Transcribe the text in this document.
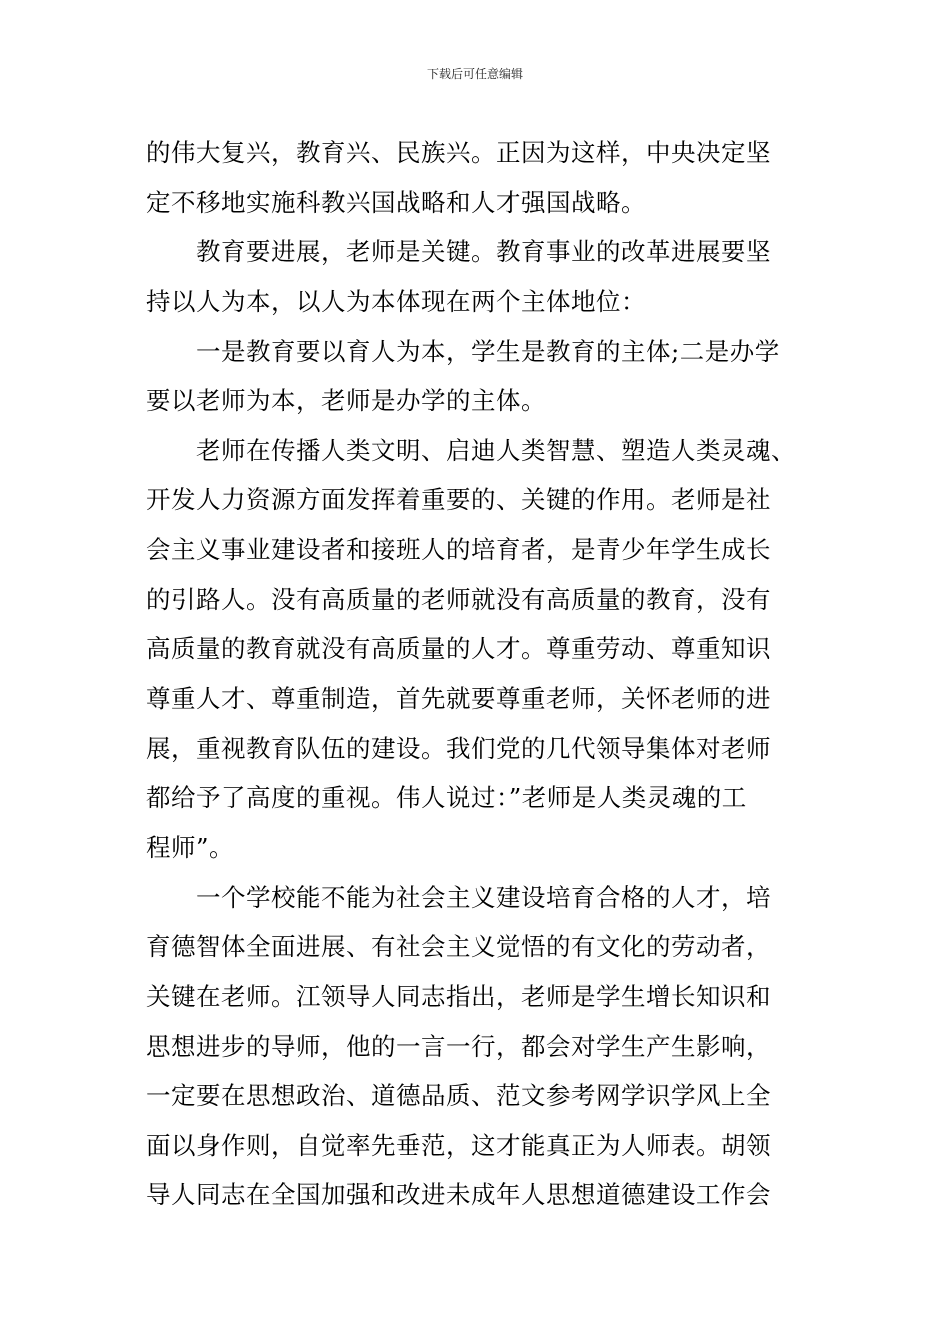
下载后可任意编辑
的伟大复兴，教育兴、民族兴。正因为这样，中央决定坚
定不移地实施科教兴国战略和人才强国战略。
教育要进展，老师是关键。教育事业的改革进展要坚
持以人为本，以人为本体现在两个主体地位：
一是教育要以育人为本，学生是教育的主体;二是办学
要以老师为本，老师是办学的主体。
老师在传播人类文明、启迪人类智慧、塑造人类灵魂、
开发人力资源方面发挥着重要的、关键的作用。老师是社
会主义事业建设者和接班人的培育者，是青少年学生成长
的引路人。没有高质量的老师就没有高质量的教育，没有
高质量的教育就没有高质量的人才。尊重劳动、尊重知识
尊重人才、尊重制造，首先就要尊重老师，关怀老师的进
展，重视教育队伍的建设。我们党的几代领导集体对老师
都给予了高度的重视。伟人说过：”老师是人类灵魂的工
程师”。
一个学校能不能为社会主义建设培育合格的人才，培
育德智体全面进展、有社会主义觉悟的有文化的劳动者，
关键在老师。江领导人同志指出，老师是学生增长知识和
思想进步的导师，他的一言一行，都会对学生产生影响，
一定要在思想政治、道德品质、范文参考网学识学风上全
面以身作则，自觉率先垂范，这才能真正为人师表。胡领
导人同志在全国加强和改进未成年人思想道德建设工作会
